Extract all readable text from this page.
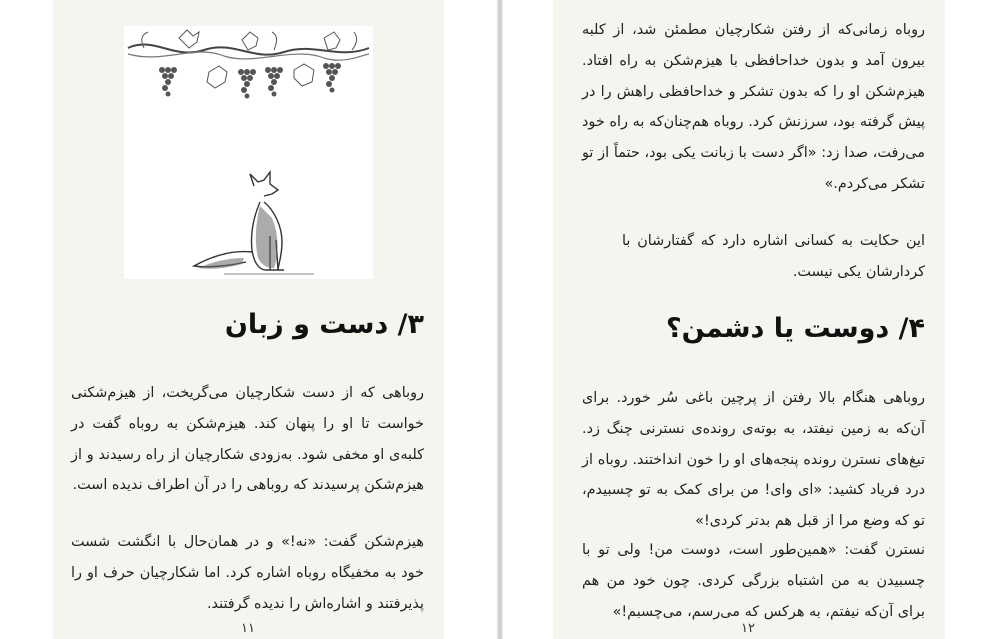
۳/ دست و زبان

روباهی که از دست شکارچیان می‌گریخت، از هیزم‌شکنی خواست تا او را پنهان کند. هیزم‌شکن به روباه گفت در کلبه‌ی او مخفی شود. به‌زودی شکارچیان از راه رسیدند و از هیزم‌شکن پرسیدند که روباهی را در آن اطراف ندیده است.

هیزم‌شکن گفت: «نه!» و در همان‌حال با انگشت شست خود به مخفیگاه روباه اشاره کرد. اما شکارچیان حرف او را پذیرفتند و اشاره‌اش را ندیده گرفتند.

۱۱

روباه زمانی‌که از رفتن شکارچیان مطمئن شد، از کلبه بیرون آمد و بدون خداحافظی با هیزم‌شکن به راه افتاد. هیزم‌شکن او را که بدون تشکر و خداحافظی راهش را در پیش گرفته بود، سرزنش کرد. روباه هم‌چنان‌که به راه خود می‌رفت، صدا زد: «اگر دست با زبانت یکی بود، حتماً از تو تشکر می‌کردم.»

این حکایت به کسانی اشاره دارد که گفتارشان با کردارشان یکی نیست.

۴/ دوست یا دشمن؟

روباهی هنگام بالا رفتن از پرچین باغی سُر خورد. برای آن‌که به زمین نیفتد، به بوته‌ی رونده‌ی نسترنی چنگ زد. تیغ‌های نسترن رونده پنجه‌های او را خون انداختند. روباه از درد فریاد کشید: «ای وای! من برای کمک به تو چسبیدم، تو که وضع مرا از قبل هم بدتر کردی!»

نسترن گفت: «همین‌طور است، دوست من! ولی تو با چسبیدن به من اشتباه بزرگی کردی. چون خود من هم برای آن‌که نیفتم، به هرکس که می‌رسم، می‌چسبم!»

۱۲
